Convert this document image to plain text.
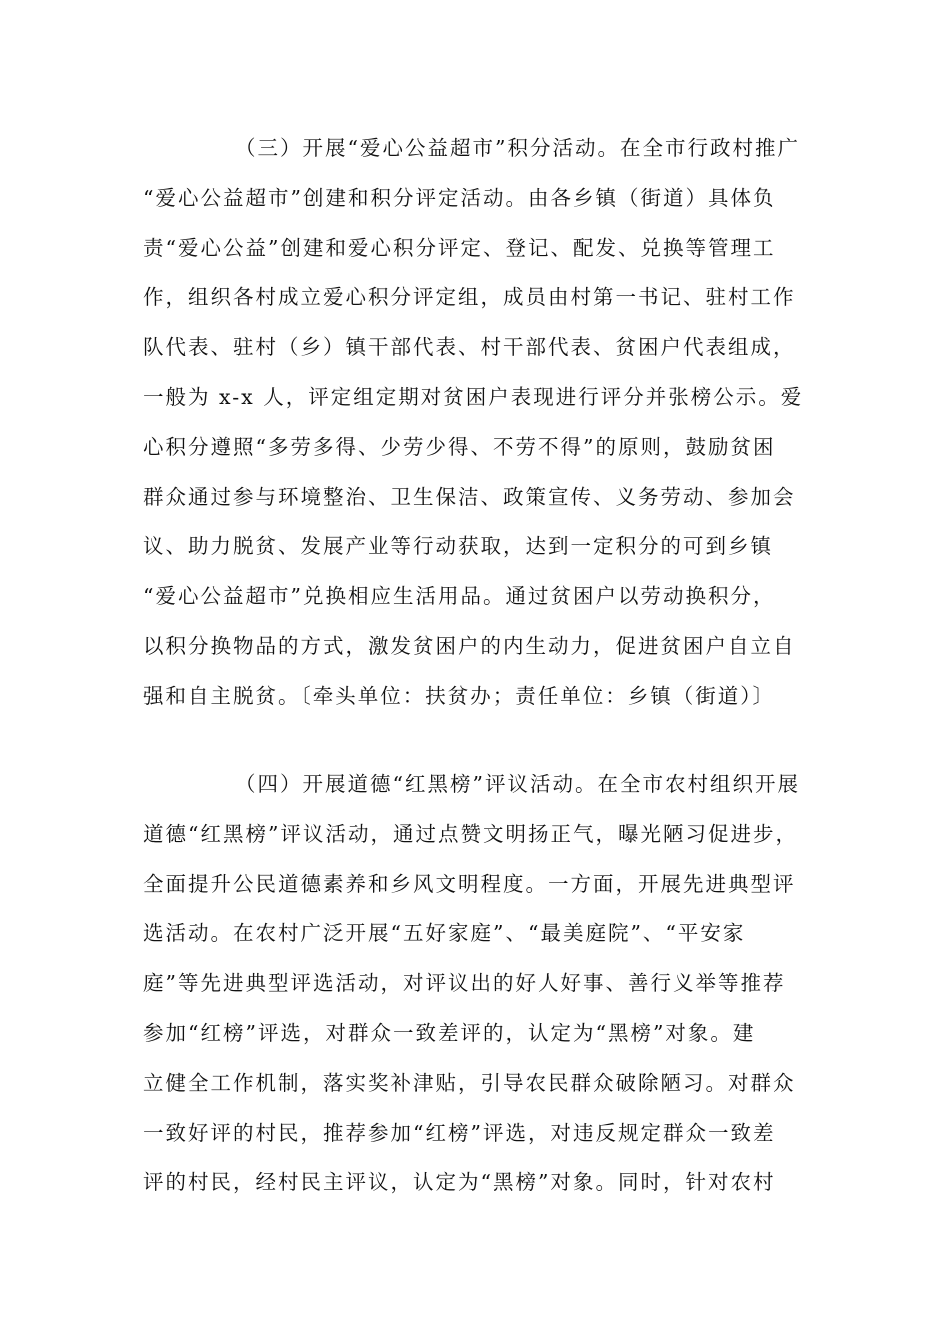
（三）开展“爱心公益超市”积分活动。在全市行政村推广
“爱心公益超市”创建和积分评定活动。由各乡镇（街道）具体负
责“爱心公益”创建和爱心积分评定、登记、配发、兑换等管理工
作，组织各村成立爱心积分评定组，成员由村第一书记、驻村工作
队代表、驻村（乡）镇干部代表、村干部代表、贫困户代表组成，
一般为 x-x 人，评定组定期对贫困户表现进行评分并张榜公示。爱
心积分遵照“多劳多得、少劳少得、不劳不得”的原则，鼓励贫困
群众通过参与环境整治、卫生保洁、政策宣传、义务劳动、参加会
议、助力脱贫、发展产业等行动获取，达到一定积分的可到乡镇
“爱心公益超市”兑换相应生活用品。通过贫困户以劳动换积分，
以积分换物品的方式，激发贫困户的内生动力，促进贫困户自立自
强和自主脱贫。〔牵头单位：扶贫办；责任单位：乡镇（街道）〕
（四）开展道德“红黑榜”评议活动。在全市农村组织开展
道德“红黑榜”评议活动，通过点赞文明扬正气，曝光陋习促进步，
全面提升公民道德素养和乡风文明程度。一方面，开展先进典型评
选活动。在农村广泛开展“五好家庭”、“最美庭院”、“平安家
庭”等先进典型评选活动，对评议出的好人好事、善行义举等推荐
参加“红榜”评选，对群众一致差评的，认定为“黑榜”对象。建
立健全工作机制，落实奖补津贴，引导农民群众破除陋习。对群众
一致好评的村民，推荐参加“红榜”评选，对违反规定群众一致差
评的村民，经村民主评议，认定为“黑榜”对象。同时，针对农村
